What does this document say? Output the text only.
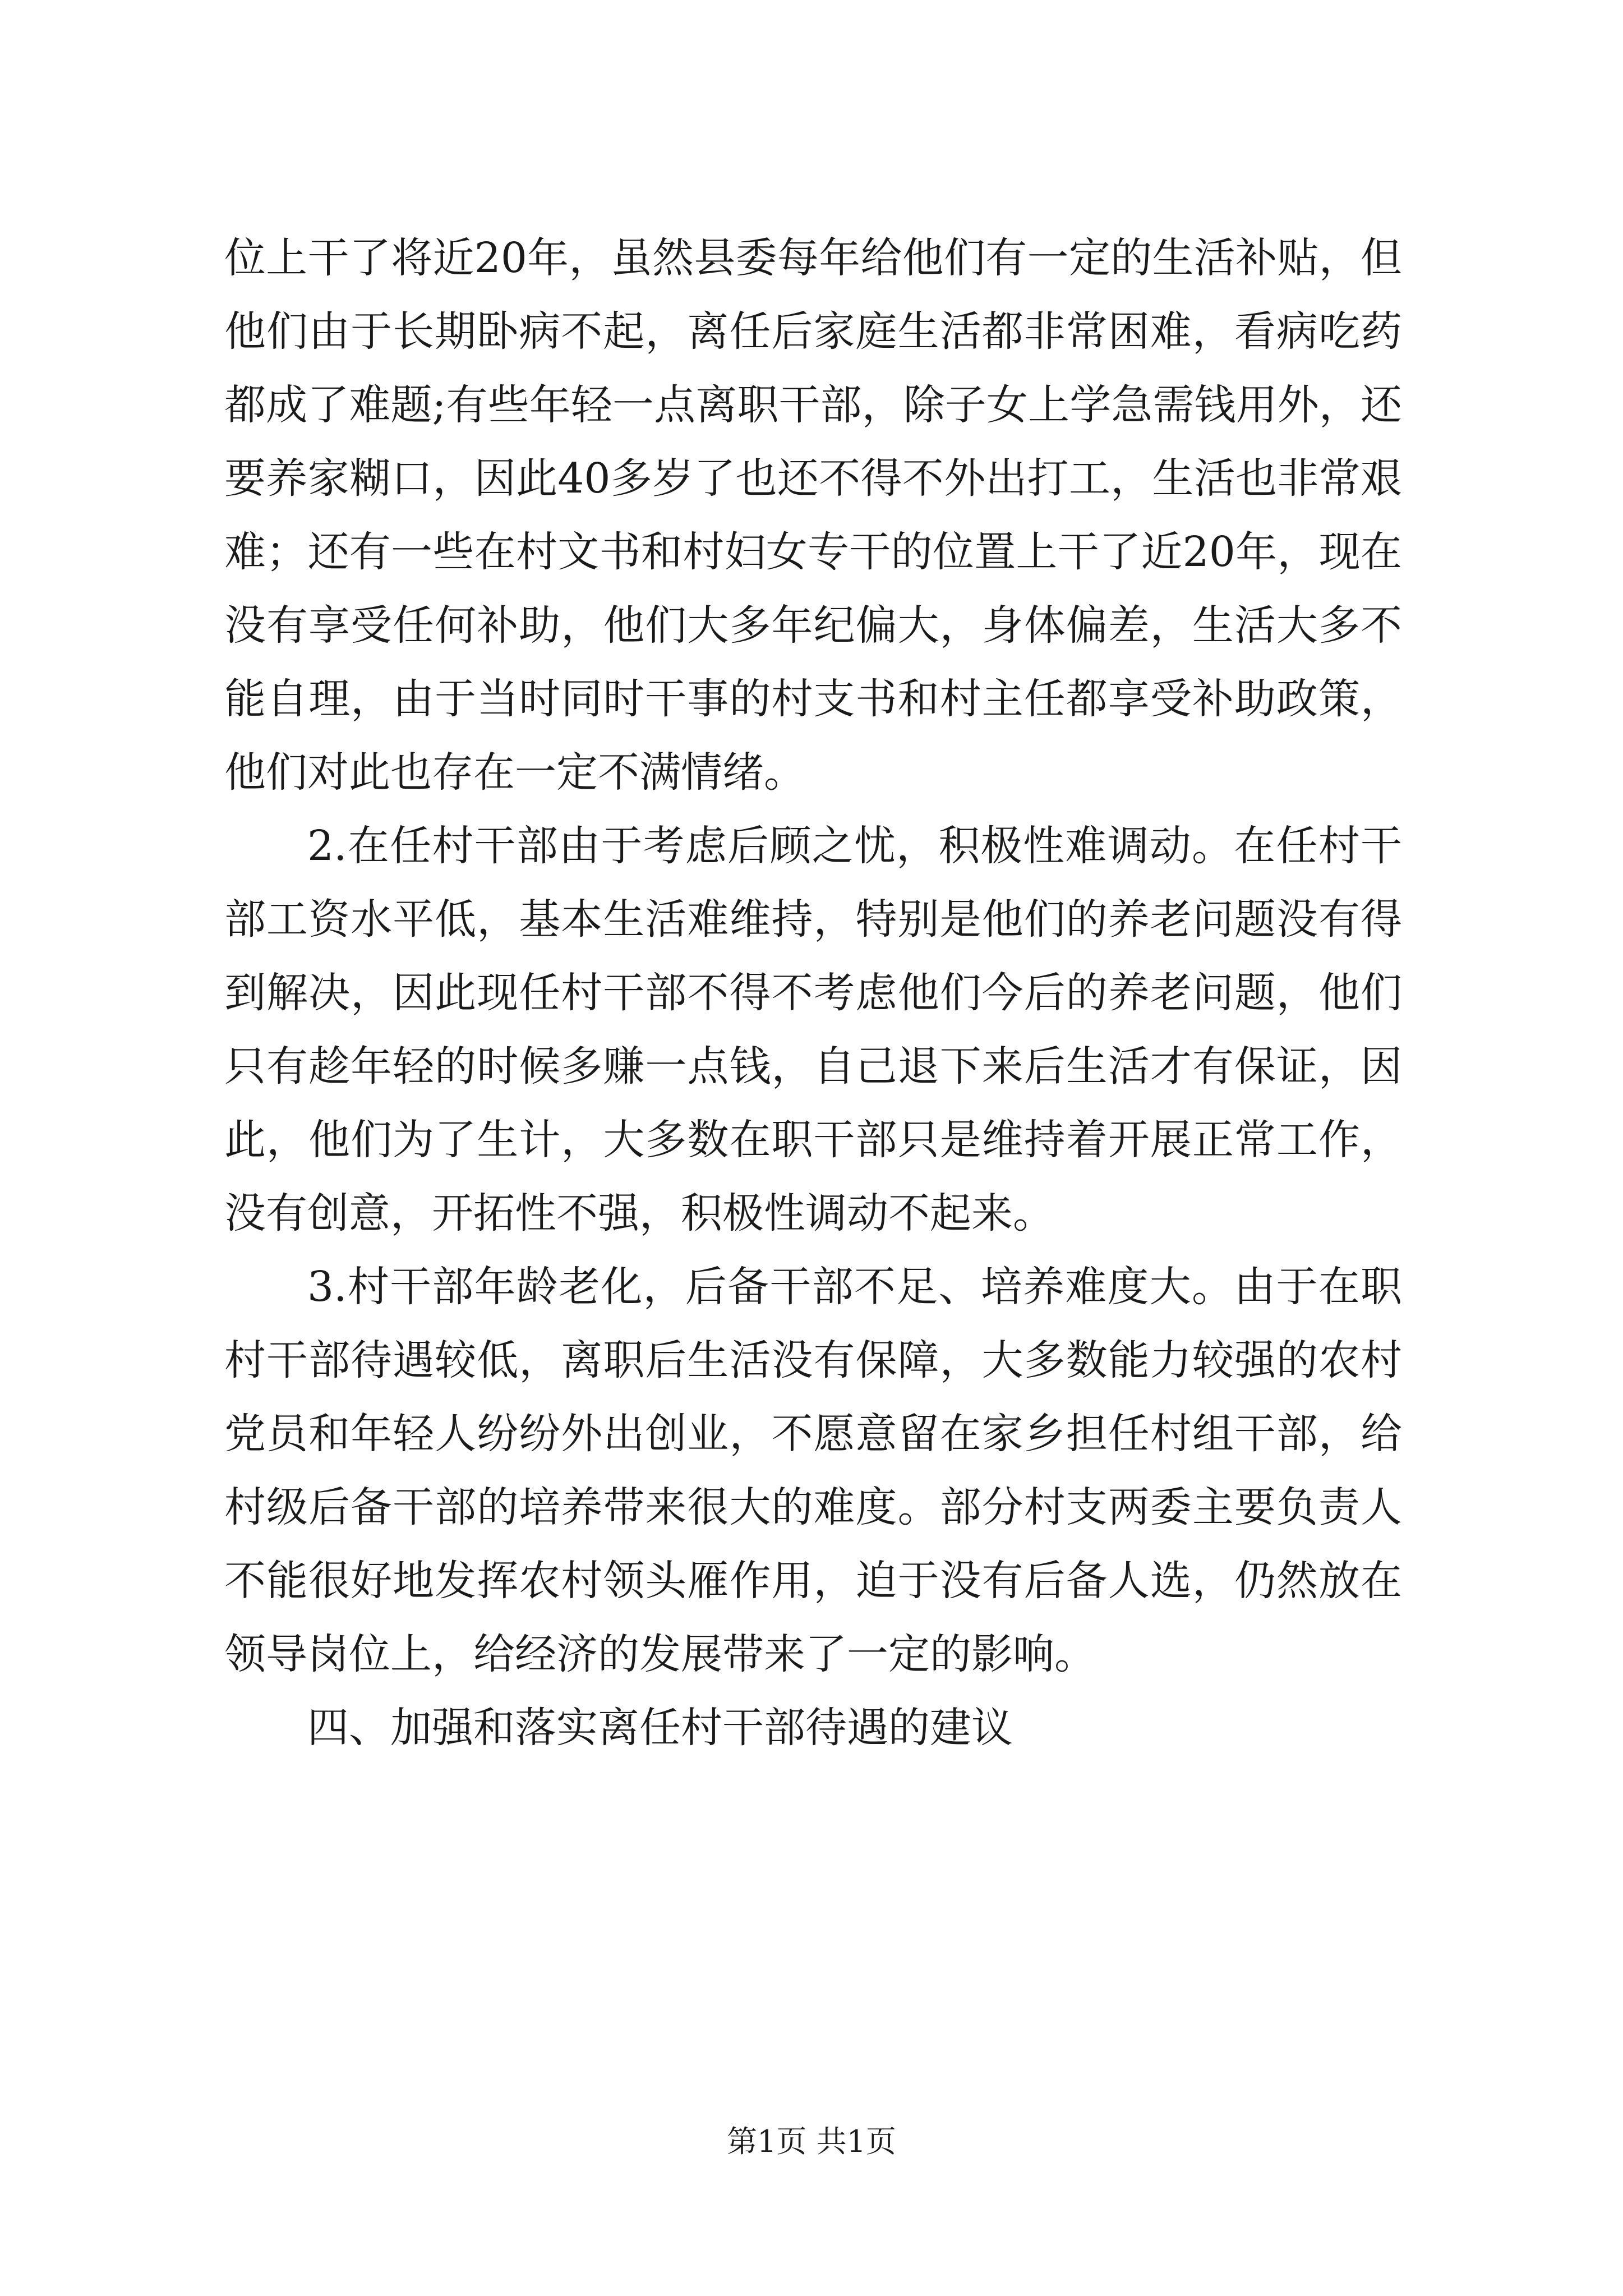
位上干了将近20年，虽然县委每年给他们有一定的生活补贴，但他们由于长期卧病不起，离任后家庭生活都非常困难，看病吃药都成了难题;有些年轻一点离职干部，除子女上学急需钱用外，还要养家糊口，因此40多岁了也还不得不外出打工，生活也非常艰难；还有一些在村文书和村妇女专干的位置上干了近20年，现在没有享受任何补助，他们大多年纪偏大，身体偏差，生活大多不能自理，由于当时同时干事的村支书和村主任都享受补助政策，他们对此也存在一定不满情绪。

2.在任村干部由于考虑后顾之忧，积极性难调动。在任村干部工资水平低，基本生活难维持，特别是他们的养老问题没有得到解决，因此现任村干部不得不考虑他们今后的养老问题，他们只有趁年轻的时候多赚一点钱，自己退下来后生活才有保证，因此，他们为了生计，大多数在职干部只是维持着开展正常工作，没有创意，开拓性不强，积极性调动不起来。

3.村干部年龄老化，后备干部不足、培养难度大。由于在职村干部待遇较低，离职后生活没有保障，大多数能力较强的农村党员和年轻人纷纷外出创业，不愿意留在家乡担任村组干部，给村级后备干部的培养带来很大的难度。部分村支两委主要负责人不能很好地发挥农村领头雁作用，迫于没有后备人选，仍然放在领导岗位上，给经济的发展带来了一定的影响。

四、加强和落实离任村干部待遇的建议

第1页 共1页
